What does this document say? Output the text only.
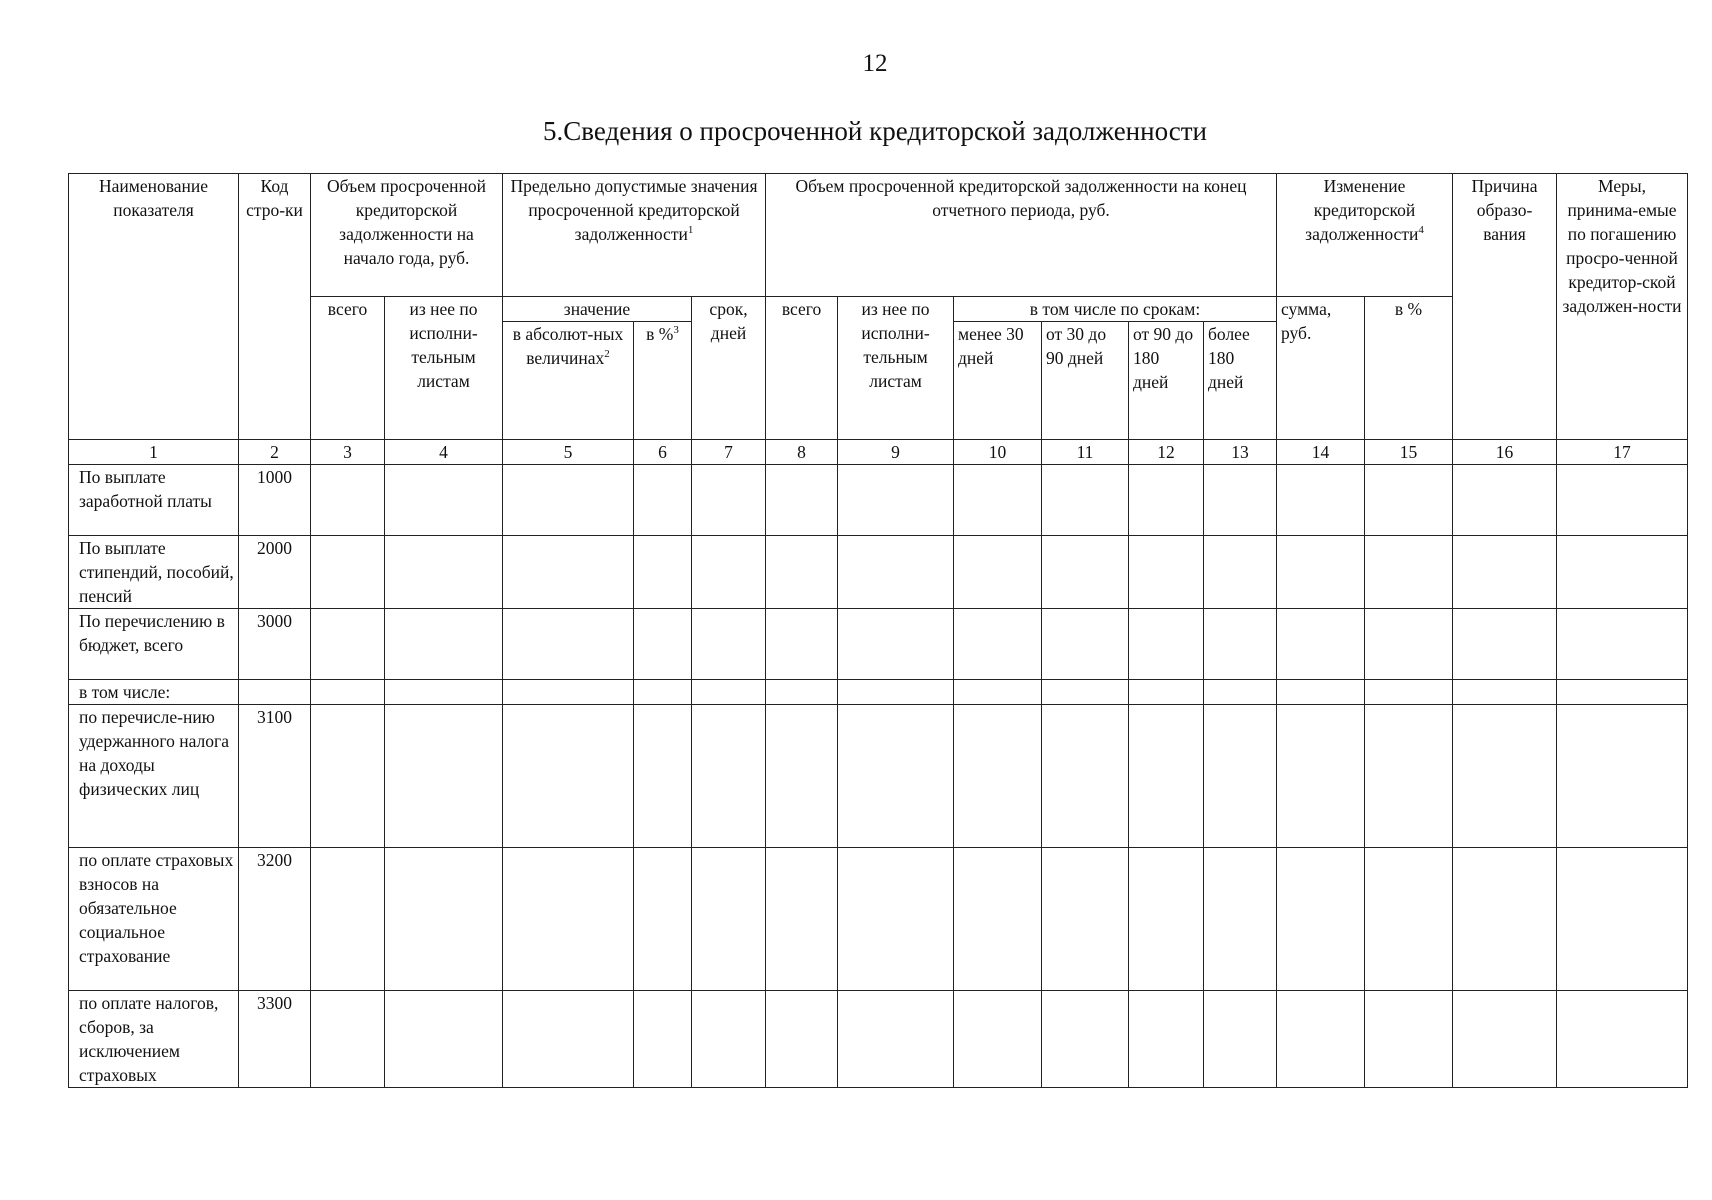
12
5.Сведения о просроченной кредиторской задолженности
Наименование показателя	Код стро-ки	Объем просроченной кредиторской задолженности на начало года, руб.		Предельно допустимые значения просроченной кредиторской задолженности$^1$			Объем просроченной кредиторской задолженности на конец отчетного периода, руб.						Изменение кредиторской задолженности$^4$		Причина образо-вания	Меры, принима-емые по погашению просро-ченной кредитор-ской задолжен-ности
		всего	из нее по исполни-тельным листам	значение		срок, дней	всего	из нее по исполни-тельным листам	в том числе по срокам:				сумма, руб.	в %		
				в абсолют-ных величинах$^2$	в %$^3$				менее 30 дней	от 30 до 90 дней	от 90 до 180 дней	более 180 дней				
1	2	3	4	5	6	7	8	9	10	11	12	13	14	15	16	17
По выплате заработной платы	1000															
По выплате стипендий, пособий, пенсий	2000															
По перечислению в бюджет, всего	3000															
в том числе:																
по перечисле-нию удержанного налога на доходы физических лиц	3100															
по оплате страховых взносов на обязательное социальное страхование	3200															
по оплате налогов, сборов, за исключением страховых	3300															
